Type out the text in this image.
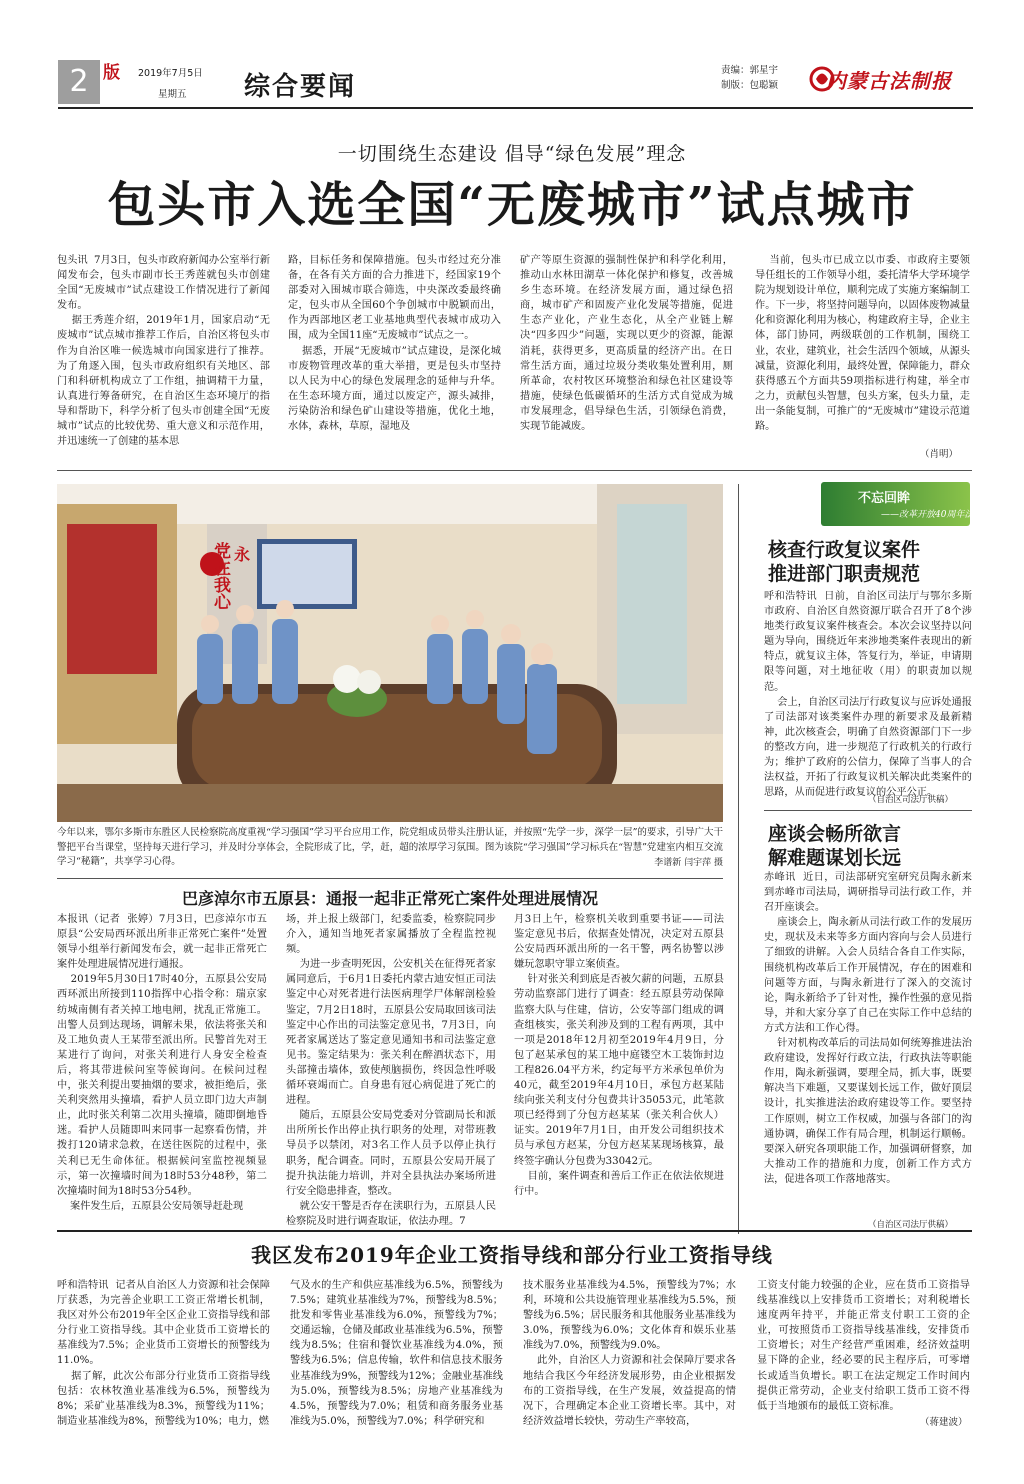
2 版 2019年7月5日
星期五 综合要闻
责编：郭星宇
制版：包聪颖 内蒙古法制报
一切围绕生态建设 倡导“绿色发展”理念
包头市入选全国“无废城市”试点城市
包头讯  7月3日，包头市政府新闻办公室举行新闻发布会，包头市副市长王秀莲就包头市创建全国“无废城市”试点建设工作情况进行了新闻发布。
据王秀莲介绍，2019年1月，国家启动“无废城市”试点城市推荐工作后，自治区将包头市作为自治区唯一候选城市向国家进行了推荐。为了角逐入围，包头市政府组织有关地区、部门和科研机构成立了工作组，抽调精干力量，认真进行筹备研究，在自治区生态环境厅的指导和帮助下，科学分析了包头市创建全国“无废城市”试点的比较优势、重大意义和示范作用，并迅速统一了创建的基本思
路，目标任务和保障措施。包头市经过充分准备，在各有关方面的合力推进下，经国家19个部委对入围城市联合筛选，中央深改委最终确定，包头市从全国60个争创城市中脱颖而出，作为西部地区老工业基地典型代表城市成功入围，成为全国11座“无废城市”试点之一。
据悉，开展“无废城市”试点建设，是深化城市废物管理改革的重大举措，更是包头市坚持以人民为中心的绿色发展理念的延伸与升华。在生态环境方面，通过以废定产，源头减排，污染防治和绿色矿山建设等措施，优化土地，水体，森林，草原，湿地及
矿产等原生资源的强制性保护和科学化利用，推动山水林田湖草一体化保护和修复，改善城乡生态环境。在经济发展方面，通过绿色招商，城市矿产和固废产业化发展等措施，促进生态产业化，产业生态化，从全产业链上解决“四多四少”问题，实现以更少的资源，能源消耗，获得更多，更高质量的经济产出。在日常生活方面，通过垃圾分类收集处置利用，厕所革命，农村牧区环境整治和绿色社区建设等措施，使绿色低碳循环的生活方式自觉成为城市发展理念，倡导绿色生活，引领绿色消费，实现节能减废。
当前，包头市已成立以市委、市政府主要领导任组长的工作领导小组，委托清华大学环境学院为规划设计单位，顺利完成了实施方案编制工作。下一步，将坚持问题导向，以固体废物减量化和资源化利用为核心，构建政府主导，企业主体，部门协同，两级联创的工作机制，围绕工业，农业，建筑业，社会生活四个领域，从源头减量，资源化利用，最终处置，保障能力，群众获得感五个方面共59项指标进行构建，举全市之力，贡献包头智慧，包头方案，包头力量，走出一条能复制，可推广的“无废城市”建设示范道路。
（肖明）
党在我心 永
今年以来，鄂尔多斯市东胜区人民检察院高度重视“学习强国”学习平台应用工作，院党组成员带头注册认证，并按照“先学一步，深学一层”的要求，引导广大干警把平台当课堂，坚持每天进行学习，并及时分享体会，全院形成了比，学，赶，超的浓厚学习氛围。图为该院“学习强国”学习标兵在“智慧”党建室内相互交流学习“秘籍”，共享学习心得。	李谱新 闫宇萍 摄
不忘回眸
——改革开放40周年法治
核查行政复议案件
推进部门职责规范
呼和浩特讯  日前，自治区司法厅与鄂尔多斯市政府、自治区自然资源厅联合召开了8个涉地类行政复议案件核查会。本次会议坚持以问题为导向，围绕近年来涉地类案件表现出的新特点，就复议主体，答复行为，举证，申请期限等问题，对土地征收（用）的职责加以规范。
会上，自治区司法厅行政复议与应诉处通报了司法部对该类案件办理的新要求及最新精神，此次核查会，明确了自然资源部门下一步的整改方向，进一步规范了行政机关的行政行为；维护了政府的公信力，保障了当事人的合法权益，开拓了行政复议机关解决此类案件的思路，从而促进行政复议的公平公正。
（自治区司法厅供稿）
座谈会畅所欲言
解难题谋划长远
赤峰讯  近日，司法部研究室研究员陶永新来到赤峰市司法局，调研指导司法行政工作，并召开座谈会。
座谈会上，陶永新从司法行政工作的发展历史，现状及未来等多方面内容向与会人员进行了细致的讲解。入会人员结合各自工作实际，围绕机构改革后工作开展情况，存在的困难和问题等方面，与陶永新进行了深入的交流讨论，陶永新给予了针对性，操作性强的意见指导，并和大家分享了自己在实际工作中总结的方式方法和工作心得。
针对机构改革后的司法局如何统筹推进法治政府建设，发挥好行政立法，行政执法等职能作用，陶永新强调，要理全局，抓大事，既要解决当下难题，又要谋划长远工作，做好顶层设计，扎实推进法治政府建设等工作。要坚持工作原则，树立工作权威，加强与各部门的沟通协调，确保工作有局合理，机制运行顺畅。要深入研究各项职能工作，加强调研督察，加大推动工作的措施和力度，创新工作方式方法，促进各项工作落地落实。
（自治区司法厅供稿）
巴彦淖尔市五原县：通报一起非正常死亡案件处理进展情况
本报讯（记者  张婷）7月3日，巴彦淖尔市五原县“公安局西环派出所非正常死亡案件”处置领导小组举行新闻发布会，就一起非正常死亡案件处理进展情况进行通报。
2019年5月30日17时40分，五原县公安局西环派出所接到110指挥中心指令称：瑞京家纺城南侧有者关掉工地电闸，扰乱正常施工。出警人员到达现场，调解未果，依法将张关和及工地负责人王某带至派出所。民警首先对王某进行了询问，对张关利进行人身安全检查后，将其带进候问室等候询问。在候问过程中，张关利提出要抽烟的要求，被拒绝后，张关利突然用头撞墙，看护人员立即门边大声制止，此时张关利第二次用头撞墙，随即倒地昏迷。看护人员随即叫来同事一起察看伤情，并拨打120请求急救，在送往医院的过程中，张关利已无生命体征。根据候问室监控视频显示，第一次撞墙时间为18时53分48秒，第二次撞墙时间为18时53分54秒。
案件发生后，五原县公安局领导赶赴现
场，并上报上级部门，纪委监委，检察院同步介入，通知当地死者家属播放了全程监控视频。
为进一步查明死因，公安机关在征得死者家属同意后，于6月1日委托内蒙古迪安恒正司法鉴定中心对死者进行法医病理学尸体解剖检验鉴定，7月2日18时，五原县公安局取回该司法鉴定中心作出的司法鉴定意见书，7月3日，向死者家属送达了鉴定意见通知书和司法鉴定意见书。鉴定结果为：张关利在醉酒状态下，用头部撞击墙体，致使颅脑损伤，终因急性呼吸循环衰竭而亡。自身患有冠心病促进了死亡的进程。
随后，五原县公安局党委对分管副局长和派出所所长作出停止执行职务的处理，对带班教导员予以禁闭，对3名工作人员予以停止执行职务，配合调查。同时，五原县公安局开展了提升执法能力培训，并对全县执法办案场所进行安全隐患排查，整改。
就公安干警是否存在渎职行为，五原县人民检察院及时进行调查取证，依法办理。7
月3日上午，检察机关收到重要书证——司法鉴定意见书后，依据查处情况，决定对五原县公安局西环派出所的一名干警，两名协警以涉嫌玩忽职守罪立案侦查。
针对张关利到底是否被欠薪的问题，五原县劳动监察部门进行了调查：经五原县劳动保障监察大队与住建，信访，公安等部门组成的调查组核实，张关利涉及到的工程有两项，其中一项是2018年12月初至2019年4月9日，分包了赵某承包的某工地中庭镂空木工装饰封边工程826.04平方米，约定每平方米承包单价为40元，截至2019年4月10日，承包方赵某陆续向张关利支付分包费共计35053元，此笔款项已经得到了分包方赵某某（张关利合伙人）证实。2019年7月1日，由开发公司组织技术员与承包方赵某，分包方赵某某现场核算，最终签字确认分包费为33042元。
目前，案件调查和善后工作正在依法依规进行中。
我区发布2019年企业工资指导线和部分行业工资指导线
呼和浩特讯  记者从自治区人力资源和社会保障厅获悉，为完善企业职工工资正常增长机制，我区对外公布2019年全区企业工资指导线和部分行业工资指导线。其中企业货币工资增长的基准线为7.5%；企业货币工资增长的预警线为11.0%。
据了解，此次公布部分行业货币工资指导线包括：农林牧渔业基准线为6.5%，预警线为8%；采矿业基准线为8.3%，预警线为11%；制造业基准线为8%，预警线为10%；电力，燃
气及水的生产和供应基准线为6.5%，预警线为7.5%；建筑业基准线为7%，预警线为8.5%；批发和零售业基准线为6.0%，预警线为7%；交通运输，仓储及邮政业基准线为6.5%，预警线为8.5%；住宿和餐饮业基准线为4.0%，预警线为6.5%；信息传输，软件和信息技术服务业基准线为9%，预警线为12%；金融业基准线为5.0%，预警线为8.5%；房地产业基准线为4.5%，预警线为7.0%；租赁和商务服务业基准线为5.0%，预警线为7.0%；科学研究和
技术服务业基准线为4.5%，预警线为7%；水利，环境和公共设施管理业基准线为5.5%，预警线为6.5%；居民服务和其他服务业基准线为3.0%，预警线为6.0%；文化体育和娱乐业基准线为7.0%，预警线为9.0%。
此外，自治区人力资源和社会保障厅要求各地结合我区今年经济发展形势，由企业根据发布的工资指导线，在生产发展，效益提高的情况下，合理确定本企业工资增长率。其中，对经济效益增长较快，劳动生产率较高，
工资支付能力较强的企业，应在货币工资指导线基准线以上安排货币工资增长；对利税增长速度两年持平，并能正常支付职工工资的企业，可按照货币工资指导线基准线，安排货币工资增长；对生产经营严重困难，经济效益明显下降的企业，经必要的民主程序后，可零增长或适当负增长。职工在法定规定工作时间内提供正常劳动，企业支付给职工货币工资不得低于当地颁布的最低工资标准。
（蒋建波）
